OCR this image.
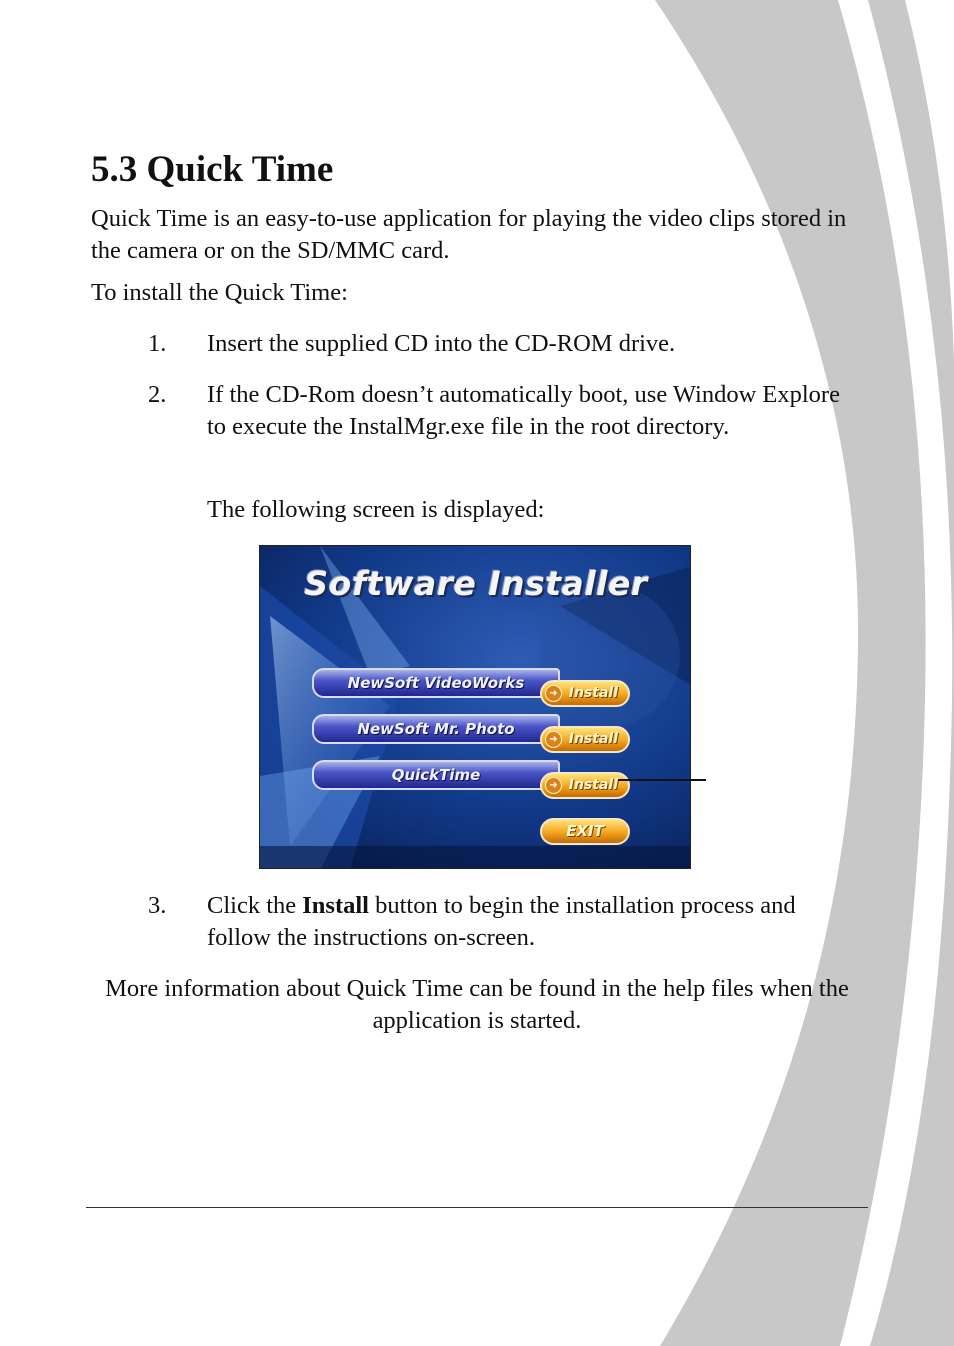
5.3 Quick Time

Quick Time is an easy-to-use application for playing the video clips stored in the camera or on the SD/MMC card.

To install the Quick Time:

1. Insert the supplied CD into the CD-ROM drive.
2. If the CD-Rom doesn’t automatically boot, use Window Explore to execute the InstalMgr.exe file in the root directory.
The following screen is displayed:
3. Click the Install button to begin the installation process and follow the instructions on-screen.
Software Installer
NewSoft VideoWorks
➜ Install
NewSoft Mr. Photo
➜ Install
QuickTime
➜ Install
EXIT

More information about Quick Time can be found in the help files when the application is started.
